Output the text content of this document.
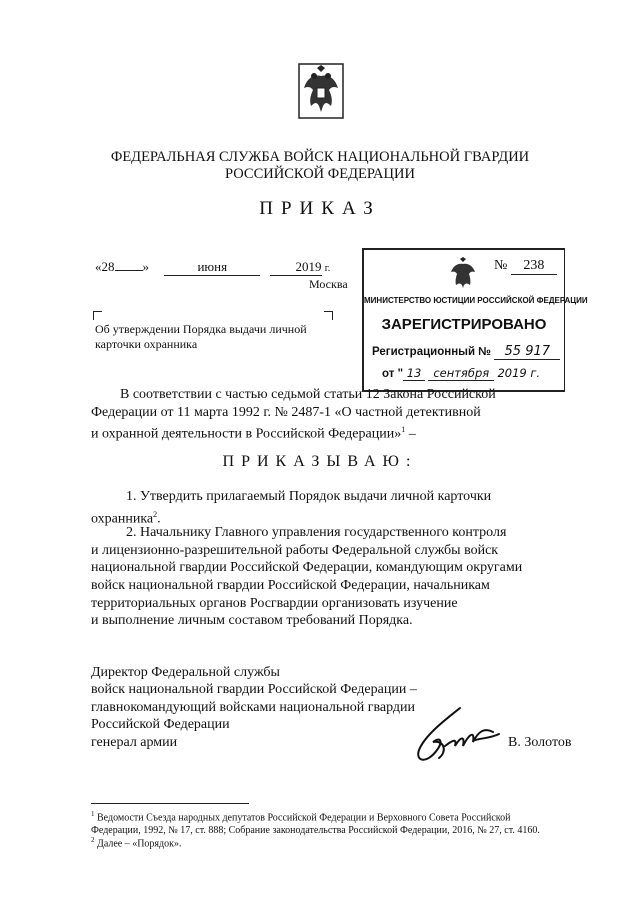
ФЕДЕРАЛЬНАЯ СЛУЖБА ВОЙСК НАЦИОНАЛЬНОЙ ГВАРДИИ
РОССИЙСКОЙ ФЕДЕРАЦИИ
ПРИКАЗ
«28 »	июня	2019 г.
Москва
Об утверждении Порядка выдачи личной
карточки охранника
№ 238
МИНИСТЕРСТВО ЮСТИЦИИ РОССИЙСКОЙ ФЕДЕРАЦИИ
ЗАРЕГИСТРИРОВАНО
Регистрационный № 55 917
от " 13 сентября 2019 г.
В соответствии с частью седьмой статьи 12 Закона Российской
Федерации от 11 марта 1992 г. № 2487-1 «О частной детективной
и охранной деятельности в Российской Федерации»$^1$ –
ПРИКАЗЫВАЮ:
1. Утвердить прилагаемый Порядок выдачи личной карточки
охранника$^2$.
2. Начальнику Главного управления государственного контроля
и лицензионно-разрешительной работы Федеральной службы войск
национальной гвардии Российской Федерации, командующим округами
войск национальной гвардии Российской Федерации, начальникам
территориальных органов Росгвардии организовать изучение
и выполнение личным составом требований Порядка.
Директор Федеральной службы
войск национальной гвардии Российской Федерации –
главнокомандующий войсками национальной гвардии
Российской Федерации
генерал армии	В. Золотов
$^1$ Ведомости Съезда народных депутатов Российской Федерации и Верховного Совета Российской
Федерации, 1992, № 17, ст. 888; Собрание законодательства Российской Федерации, 2016, № 27, ст. 4160.
$^2$ Далее – «Порядок».
